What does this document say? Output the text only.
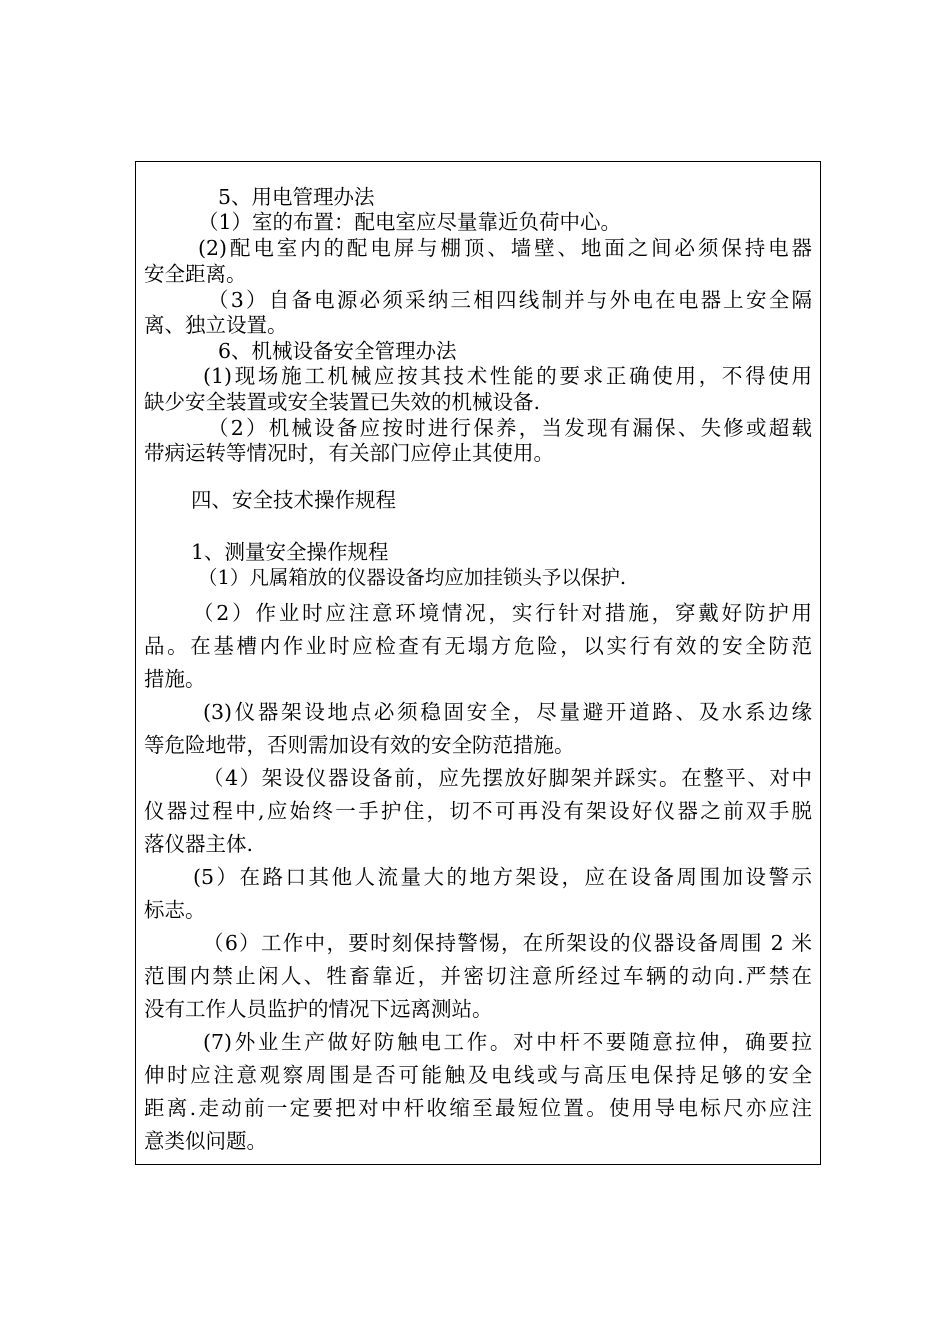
5、用电管理办法
（1）室的布置：配电室应尽量靠近负荷中心。
(2)配电室内的配电屏与棚顶、墙壁、地面之间必须保持电器
安全距离。
（3）自备电源必须采纳三相四线制并与外电在电器上安全隔
离、独立设置。
6、机械设备安全管理办法
(1)现场施工机械应按其技术性能的要求正确使用，不得使用
缺少安全装置或安全装置已失效的机械设备.
（2）机械设备应按时进行保养，当发现有漏保、失修或超载
带病运转等情况时，有关部门应停止其使用。
四、安全技术操作规程
1、测量安全操作规程
（1）凡属箱放的仪器设备均应加挂锁头予以保护.
（2）作业时应注意环境情况，实行针对措施，穿戴好防护用
品。在基槽内作业时应检查有无塌方危险，以实行有效的安全防范
措施。
(3)仪器架设地点必须稳固安全，尽量避开道路、及水系边缘
等危险地带，否则需加设有效的安全防范措施。
（4）架设仪器设备前，应先摆放好脚架并踩实。在整平、对中
仪器过程中,应始终一手护住，切不可再没有架设好仪器之前双手脱
落仪器主体.
(5）在路口其他人流量大的地方架设，应在设备周围加设警示
标志。
（6）工作中，要时刻保持警惕，在所架设的仪器设备周围 2 米
范围内禁止闲人、牲畜靠近，并密切注意所经过车辆的动向.严禁在
没有工作人员监护的情况下远离测站。
(7)外业生产做好防触电工作。对中杆不要随意拉伸，确要拉
伸时应注意观察周围是否可能触及电线或与高压电保持足够的安全
距离.走动前一定要把对中杆收缩至最短位置。使用导电标尺亦应注
意类似问题。
